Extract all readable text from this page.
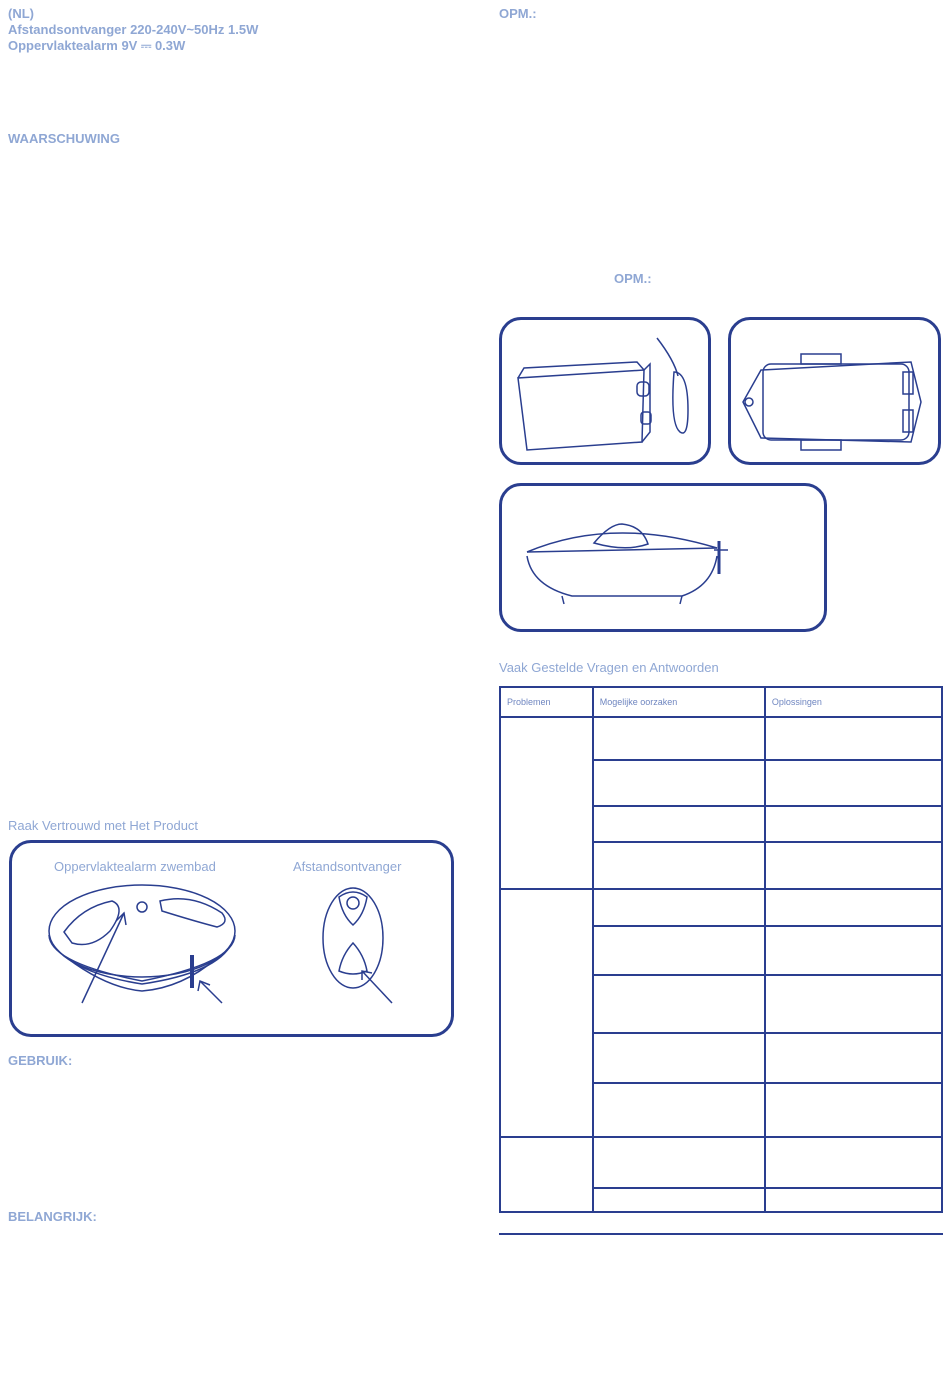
(NL)
Afstandsontvanger 220-240V~50Hz 1.5W
Oppervlaktealarm 9V ⎓ 0.3W
WAARSCHUWING
Raak Vertrouwd met Het Product
Oppervlaktealarm zwembad	Afstandsontvanger
GEBRUIK:
BELANGRIJK:
OPM.:
OPM.:
Vaak Gestelde Vragen en Antwoorden
Problemen	Mogelijke oorzaken	Oplossingen
